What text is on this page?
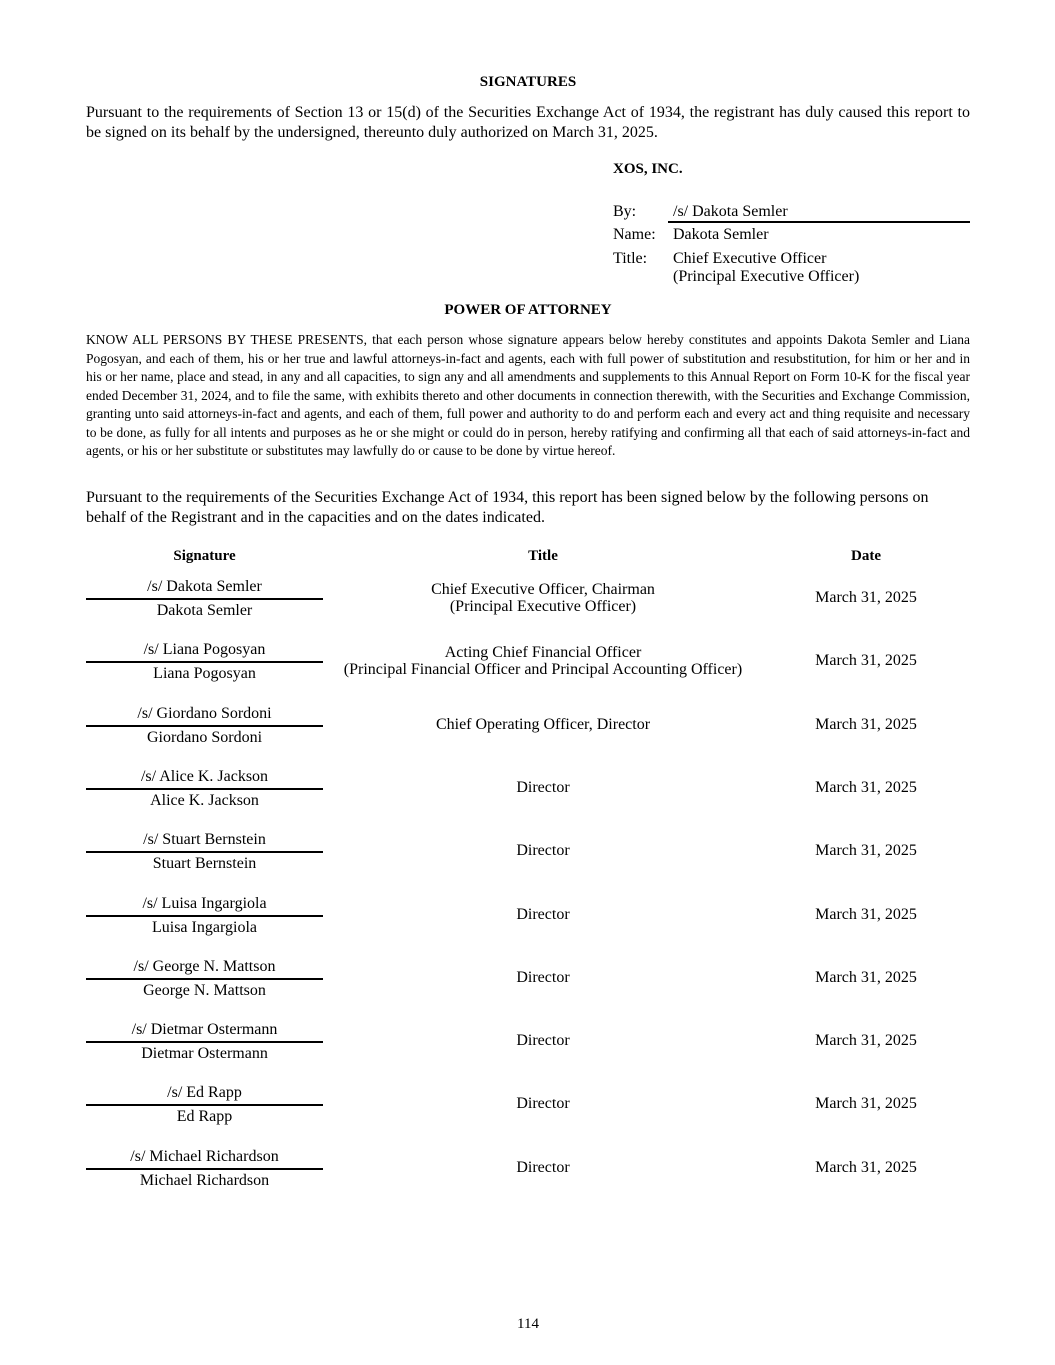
SIGNATURES
Pursuant to the requirements of Section 13 or 15(d) of the Securities Exchange Act of 1934, the registrant has duly caused this report to be signed on its behalf by the undersigned, thereunto duly authorized on March 31, 2025.
XOS, INC.
By: /s/ Dakota Semler
Name: Dakota Semler
Title: Chief Executive Officer
(Principal Executive Officer)
POWER OF ATTORNEY
KNOW ALL PERSONS BY THESE PRESENTS, that each person whose signature appears below hereby constitutes and appoints Dakota Semler and Liana Pogosyan, and each of them, his or her true and lawful attorneys-in-fact and agents, each with full power of substitution and resubstitution, for him or her and in his or her name, place and stead, in any and all capacities, to sign any and all amendments and supplements to this Annual Report on Form 10-K for the fiscal year ended December 31, 2024, and to file the same, with exhibits thereto and other documents in connection therewith, with the Securities and Exchange Commission, granting unto said attorneys-in-fact and agents, and each of them, full power and authority to do and perform each and every act and thing requisite and necessary to be done, as fully for all intents and purposes as he or she might or could do in person, hereby ratifying and confirming all that each of said attorneys-in-fact and agents, or his or her substitute or substitutes may lawfully do or cause to be done by virtue hereof.
Pursuant to the requirements of the Securities Exchange Act of 1934, this report has been signed below by the following persons on behalf of the Registrant and in the capacities and on the dates indicated.
Signature	Title	Date
/s/ Dakota Semler
Dakota Semler
Chief Executive Officer, Chairman
(Principal Executive Officer)
March 31, 2025
/s/ Liana Pogosyan
Liana Pogosyan
Acting Chief Financial Officer
(Principal Financial Officer and Principal Accounting Officer)
March 31, 2025
/s/ Giordano Sordoni
Giordano Sordoni
Chief Operating Officer, Director	March 31, 2025
/s/ Alice K. Jackson
Alice K. Jackson
Director	March 31, 2025
/s/ Stuart Bernstein
Stuart Bernstein
Director	March 31, 2025
/s/ Luisa Ingargiola
Luisa Ingargiola
Director	March 31, 2025
/s/ George N. Mattson
George N. Mattson
Director	March 31, 2025
/s/ Dietmar Ostermann
Dietmar Ostermann
Director	March 31, 2025
/s/ Ed Rapp
Ed Rapp
Director	March 31, 2025
/s/ Michael Richardson
Michael Richardson
Director	March 31, 2025
114
